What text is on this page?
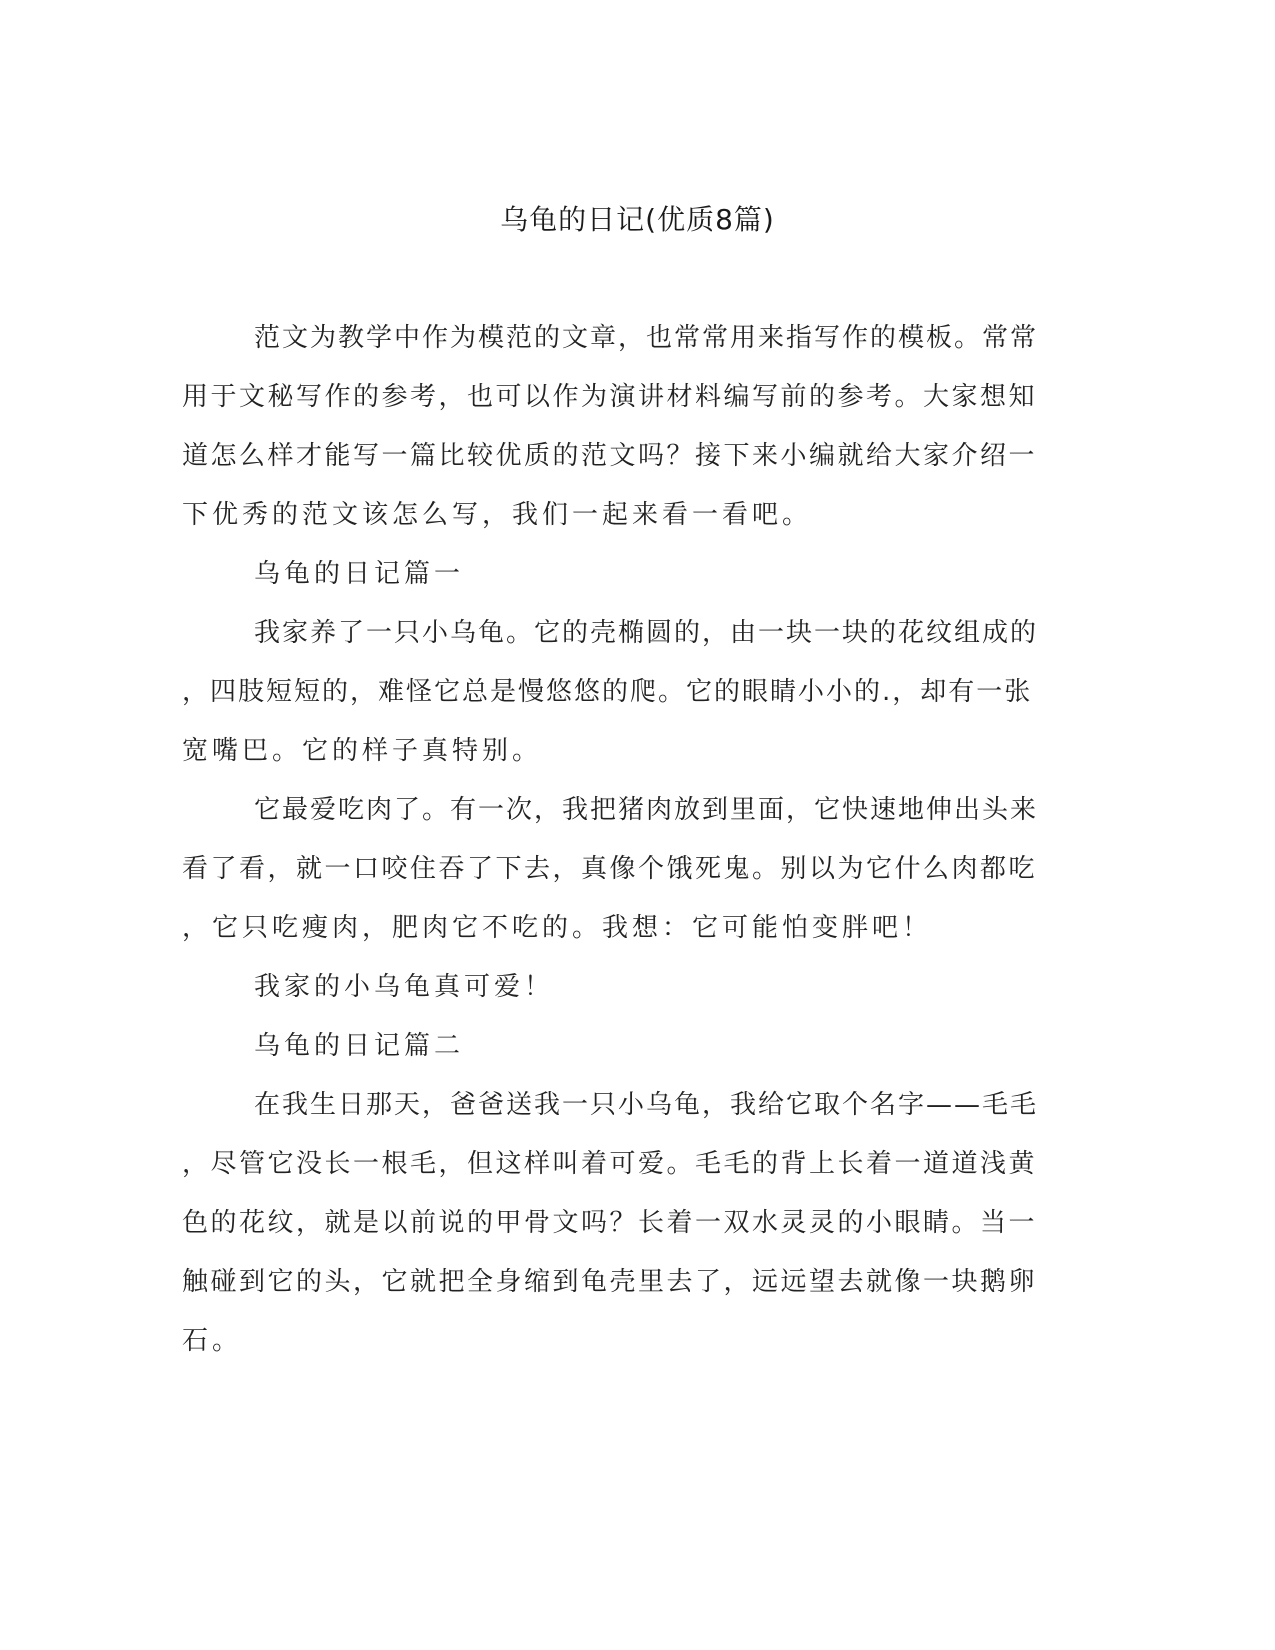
乌龟的日记(优质8篇)
范文为教学中作为模范的文章，也常常用来指写作的模板。常常
用于文秘写作的参考，也可以作为演讲材料编写前的参考。大家想知
道怎么样才能写一篇比较优质的范文吗？接下来小编就给大家介绍一
下优秀的范文该怎么写，我们一起来看一看吧。
乌龟的日记篇一
我家养了一只小乌龟。它的壳椭圆的，由一块一块的花纹组成的
，四肢短短的，难怪它总是慢悠悠的爬。它的眼睛小小的.，却有一张
宽嘴巴。它的样子真特别。
它最爱吃肉了。有一次，我把猪肉放到里面，它快速地伸出头来
看了看，就一口咬住吞了下去，真像个饿死鬼。别以为它什么肉都吃
，它只吃瘦肉，肥肉它不吃的。我想：它可能怕变胖吧！
我家的小乌龟真可爱！
乌龟的日记篇二
在我生日那天，爸爸送我一只小乌龟，我给它取个名字——毛毛
，尽管它没长一根毛，但这样叫着可爱。毛毛的背上长着一道道浅黄
色的花纹，就是以前说的甲骨文吗？长着一双水灵灵的小眼睛。当一
触碰到它的头，它就把全身缩到龟壳里去了，远远望去就像一块鹅卵
石。
